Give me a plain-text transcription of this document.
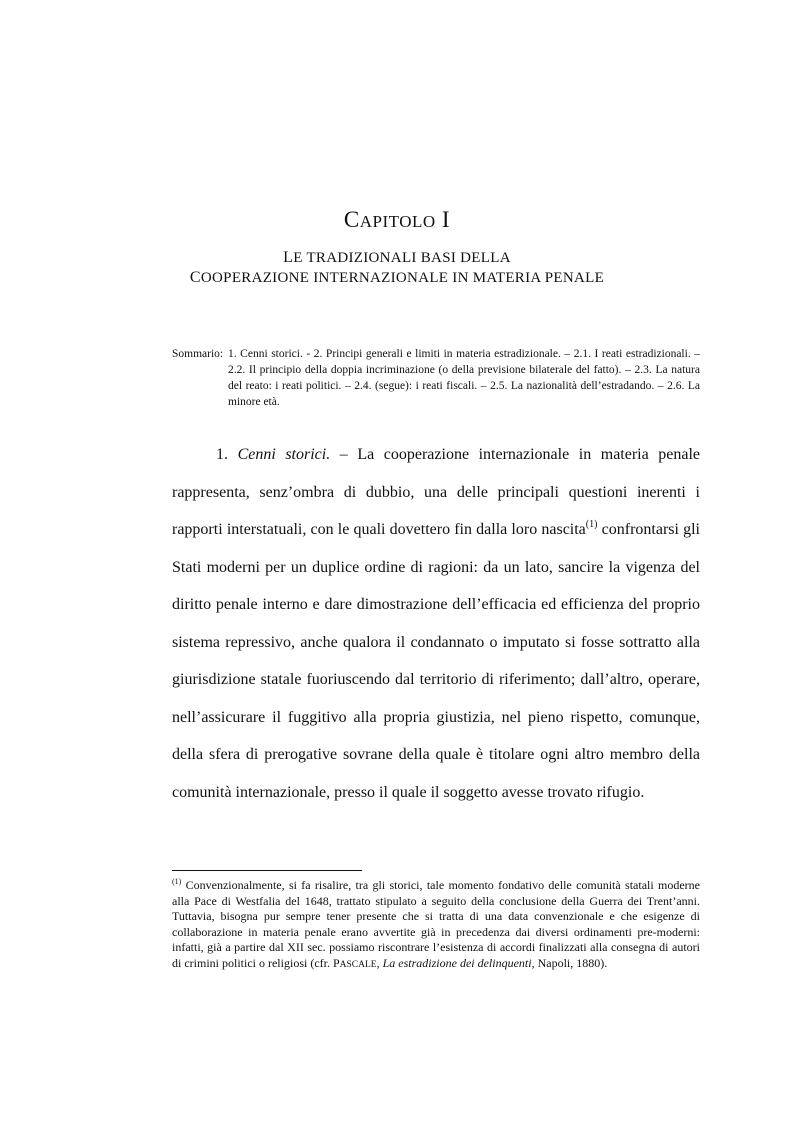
CAPITOLO I
LE TRADIZIONALI BASI DELLA
COOPERAZIONE INTERNAZIONALE IN MATERIA PENALE
Sommario: 1. Cenni storici. - 2. Principi generali e limiti in materia estradizionale. – 2.1. I reati estradizionali. – 2.2. Il principio della doppia incriminazione (o della previsione bilaterale del fatto). – 2.3. La natura del reato: i reati politici. – 2.4. (segue): i reati fiscali. – 2.5. La nazionalità dell’estradando. – 2.6. La minore età.
1. Cenni storici. – La cooperazione internazionale in materia penale rappresenta, senz’ombra di dubbio, una delle principali questioni inerenti i rapporti interstatuali, con le quali dovettero fin dalla loro nascita$^{(1)}$ confrontarsi gli Stati moderni per un duplice ordine di ragioni: da un lato, sancire la vigenza del diritto penale interno e dare dimostrazione dell’efficacia ed efficienza del proprio sistema repressivo, anche qualora il condannato o imputato si fosse sottratto alla giurisdizione statale fuoriuscendo dal territorio di riferimento; dall’altro, operare, nell’assicurare il fuggitivo alla propria giustizia, nel pieno rispetto, comunque, della sfera di prerogative sovrane della quale è titolare ogni altro membro della comunità internazionale, presso il quale il soggetto avesse trovato rifugio.
$^{(1)}$ Convenzionalmente, si fa risalire, tra gli storici, tale momento fondativo delle comunità statali moderne alla Pace di Westfalia del 1648, trattato stipulato a seguito della conclusione della Guerra dei Trent’anni. Tuttavia, bisogna pur sempre tener presente che si tratta di una data convenzionale e che esigenze di collaborazione in materia penale erano avvertite già in precedenza dai diversi ordinamenti pre-moderni: infatti, già a partire dal XII sec. possiamo riscontrare l’esistenza di accordi finalizzati alla consegna di autori di crimini politici o religiosi (cfr. PASCALE, La estradizione dei delinquenti, Napoli, 1880).
